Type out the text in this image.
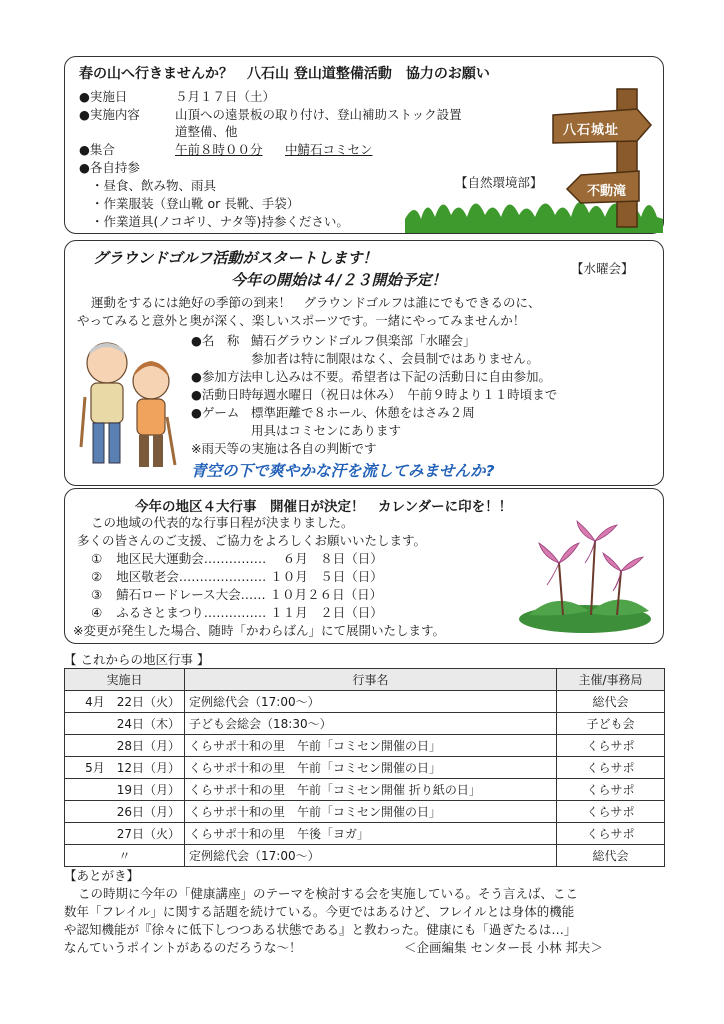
春の山へ行きませんか？　八石山 登山道整備活動　協力のお願い
●実施日	５月１７日（土）
●実施内容	山頂への遠景板の取り付け、登山補助ストック設置
道整備、他
●集合	午前８時００分 中鯖石コミセン
●各自持参
・昼食、飲み物、雨具
・作業服装（登山靴 or 長靴、手袋）
・作業道具(ノコギリ、ナタ等)持参ください。
【自然環境部】
八石城址
不動滝
グラウンドゴルフ活動がスタートします！
【水曜会】
今年の開始は４/２３開始予定！
運動をするには絶好の季節の到来！　グラウンドゴルフは誰にでもできるのに、
やってみると意外と奥が深く、楽しいスポーツです。一緒にやってみませんか！
●名　称 鯖石グラウンドゴルフ倶楽部「水曜会」
参加者は特に制限はなく、会員制ではありません。
●参加方法 申し込みは不要。希望者は下記の活動日に自由参加。
●活動日時 毎週水曜日（祝日は休み）　午前９時より１１時頃まで
●ゲーム 標準距離で８ホール、休憩をはさみ２周
用具はコミセンにあります
※雨天等の実施は各自の判断です
青空の下で爽やかな汗を流してみませんか?
今年の地区４大行事　開催日が決定！　カレンダーに印を！！
この地域の代表的な行事日程が決まりました。
多くの皆さんのご支援、ご協力をよろしくお願いいたします。
① 地区民大運動会…………… 　６月　８日（日）
② 地区敬老会………………… １０月　５日（日）
③ 鯖石ロードレース大会…… １０月２６日（日）
④ ふるさとまつり…………… １１月　２日（日）
※変更が発生した場合、随時「かわらばん」にて展開いたします。
【 これからの地区行事 】
実施日	行事名	主催/事務局
4月　22日（火）	定例総代会（17:00～）	総代会
24日（木）	子ども会総会（18:30～）	子ども会
28日（月）	くらサポ十和の里　午前「コミセン開催の日」	くらサポ
5月　12日（月）	くらサポ十和の里　午前「コミセン開催の日」	くらサポ
19日（月）	くらサポ十和の里　午前「コミセン開催 折り紙の日」	くらサポ
26日（月）	くらサポ十和の里　午前「コミセン開催の日」	くらサポ
27日（火）	くらサポ十和の里　午後「ヨガ」	くらサポ
〃	定例総代会（17:00～）	総代会
【あとがき】
この時期に今年の「健康講座」のテーマを検討する会を実施している。そう言えば、ここ
数年「フレイル」に関する話題を続けている。今更ではあるけど、フレイルとは身体的機能
や認知機能が『徐々に低下しつつある状態である』と教わった。健康にも「過ぎたるは…」
なんていうポイントがあるのだろうな～！	＜企画編集 センター長 小林 邦夫＞
